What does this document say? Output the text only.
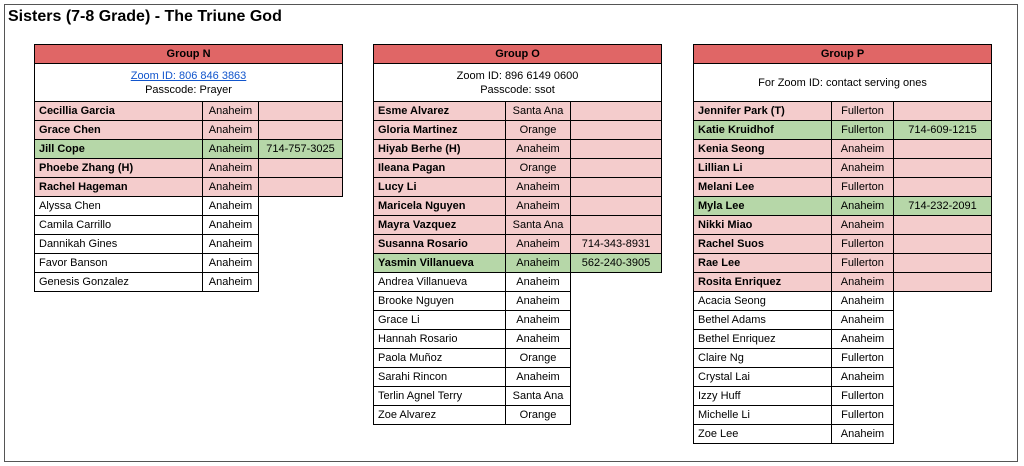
Sisters (7-8 Grade) - The Triune God
Group N		
Zoom ID: 806 846 3863
Passcode: Prayer		
Cecillia Garcia	Anaheim	
Grace Chen	Anaheim	
Jill Cope	Anaheim	714-757-3025
Phoebe Zhang (H)	Anaheim	
Rachel Hageman	Anaheim	
Alyssa Chen	Anaheim	
Camila Carrillo	Anaheim	
Dannikah Gines	Anaheim	
Favor Banson	Anaheim	
Genesis Gonzalez	Anaheim	
Group O		
Zoom ID: 896 6149 0600
Passcode: ssot		
Esme Alvarez	Santa Ana	
Gloria Martinez	Orange	
Hiyab Berhe (H)	Anaheim	
Ileana Pagan	Orange	
Lucy Li	Anaheim	
Maricela Nguyen	Anaheim	
Mayra Vazquez	Santa Ana	
Susanna Rosario	Anaheim	714-343-8931
Yasmin Villanueva	Anaheim	562-240-3905
Andrea Villanueva	Anaheim	
Brooke Nguyen	Anaheim	
Grace Li	Anaheim	
Hannah Rosario	Anaheim	
Paola Muñoz	Orange	
Sarahi Rincon	Anaheim	
Terlin Agnel Terry	Santa Ana	
Zoe Alvarez	Orange	
Group P		
For Zoom ID: contact serving ones		
Jennifer Park (T)	Fullerton	
Katie Kruidhof	Fullerton	714-609-1215
Kenia Seong	Anaheim	
Lillian Li	Anaheim	
Melani Lee	Fullerton	
Myla Lee	Anaheim	714-232-2091
Nikki Miao	Anaheim	
Rachel Suos	Fullerton	
Rae Lee	Fullerton	
Rosita Enriquez	Anaheim	
Acacia Seong	Anaheim	
Bethel Adams	Anaheim	
Bethel Enriquez	Anaheim	
Claire Ng	Fullerton	
Crystal Lai	Anaheim	
Izzy Huff	Fullerton	
Michelle Li	Fullerton	
Zoe Lee	Anaheim	
